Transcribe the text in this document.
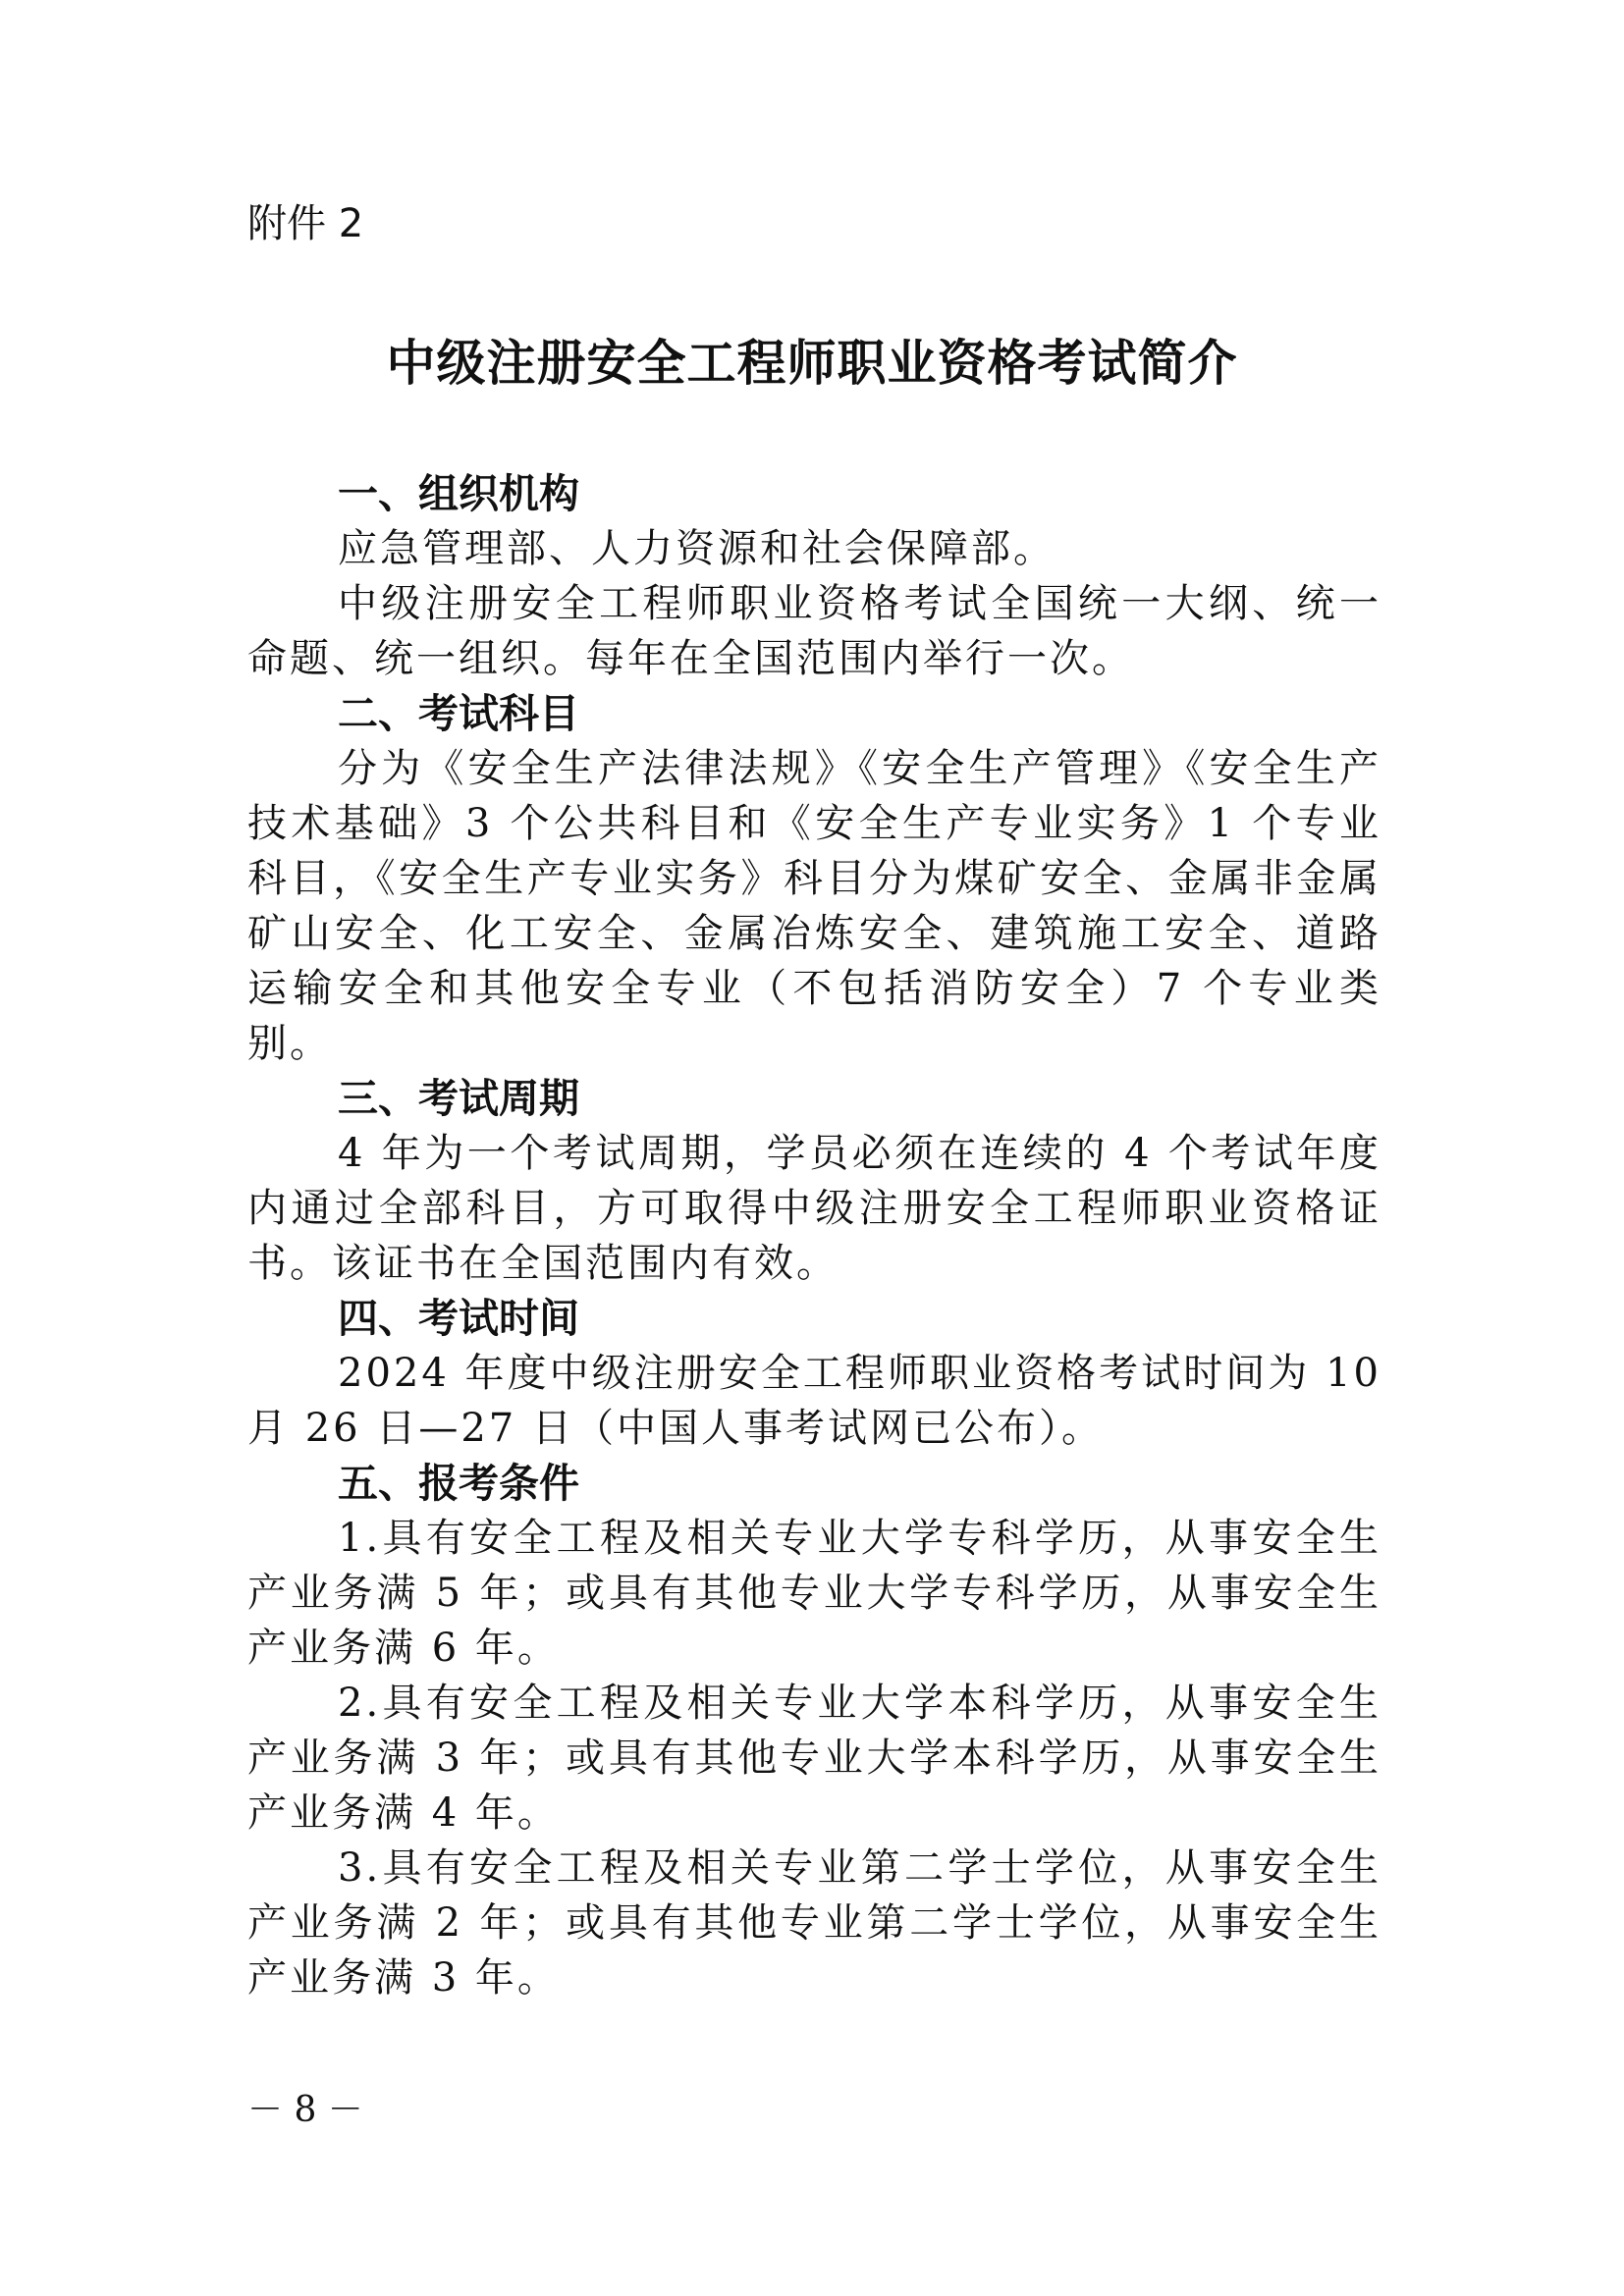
附件 2

中级注册安全工程师职业资格考试简介
一、组织机构

应急管理部、人力资源和社会保障部。

中级注册安全工程师职业资格考试全国统一大纲、统一命题、统一组织。每年在全国范围内举行一次。

二、考试科目

分为《安全生产法律法规》《安全生产管理》《安全生产技术基础》3 个公共科目和《安全生产专业实务》1 个专业科目，《安全生产专业实务》科目分为煤矿安全、金属非金属矿山安全、化工安全、金属冶炼安全、建筑施工安全、道路运输安全和其他安全专业（不包括消防安全）7 个专业类别。

三、考试周期

4 年为一个考试周期，学员必须在连续的 4 个考试年度内通过全部科目，方可取得中级注册安全工程师职业资格证书。该证书在全国范围内有效。

四、考试时间

2024 年度中级注册安全工程师职业资格考试时间为 10 月 26 日—27 日（中国人事考试网已公布）。

五、报考条件

1.具有安全工程及相关专业大学专科学历，从事安全生产业务满 5 年；或具有其他专业大学专科学历，从事安全生产业务满 6 年。

2.具有安全工程及相关专业大学本科学历，从事安全生产业务满 3 年；或具有其他专业大学本科学历，从事安全生产业务满 4 年。

3.具有安全工程及相关专业第二学士学位，从事安全生产业务满 2 年；或具有其他专业第二学士学位，从事安全生产业务满 3 年。

－ 8 －
